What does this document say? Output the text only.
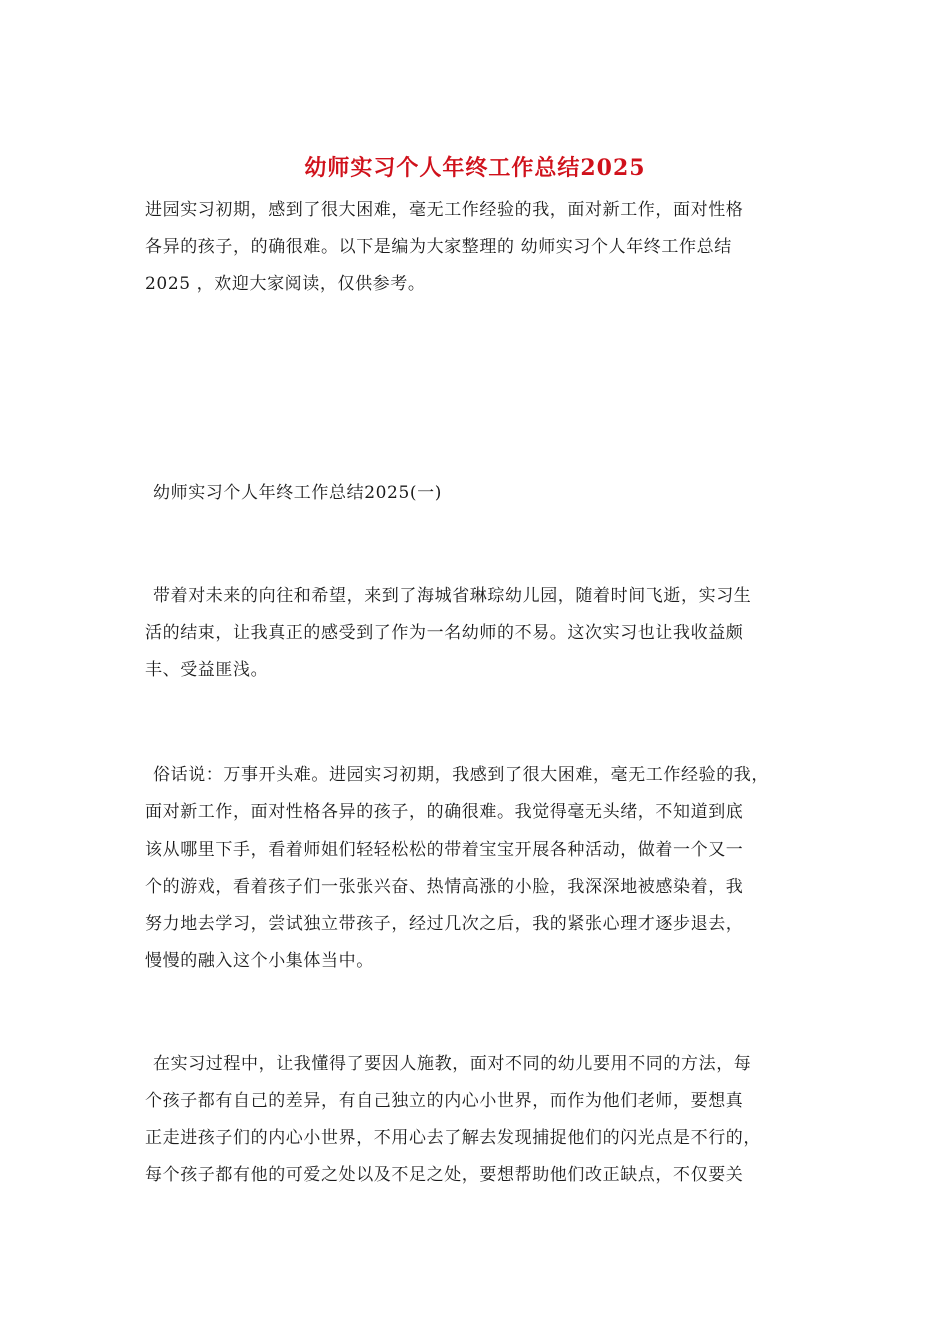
幼师实习个人年终工作总结2025
进园实习初期，感到了很大困难，毫无工作经验的我，面对新工作，面对性格
各异的孩子，的确很难。以下是编为大家整理的 幼师实习个人年终工作总结
2025 ，欢迎大家阅读，仅供参考。
幼师实习个人年终工作总结2025(一)
带着对未来的向往和希望，来到了海城省琳琮幼儿园，随着时间飞逝，实习生
活的结束，让我真正的感受到了作为一名幼师的不易。这次实习也让我收益颇
丰、受益匪浅。
俗话说：万事开头难。进园实习初期，我感到了很大困难，毫无工作经验的我，
面对新工作，面对性格各异的孩子，的确很难。我觉得毫无头绪，不知道到底
该从哪里下手，看着师姐们轻轻松松的带着宝宝开展各种活动，做着一个又一
个的游戏，看着孩子们一张张兴奋、热情高涨的小脸，我深深地被感染着，我
努力地去学习，尝试独立带孩子，经过几次之后，我的紧张心理才逐步退去，
慢慢的融入这个小集体当中。
在实习过程中，让我懂得了要因人施教，面对不同的幼儿要用不同的方法，每
个孩子都有自己的差异，有自己独立的内心小世界，而作为他们老师，要想真
正走进孩子们的内心小世界，不用心去了解去发现捕捉他们的闪光点是不行的，
每个孩子都有他的可爱之处以及不足之处，要想帮助他们改正缺点，不仅要关
